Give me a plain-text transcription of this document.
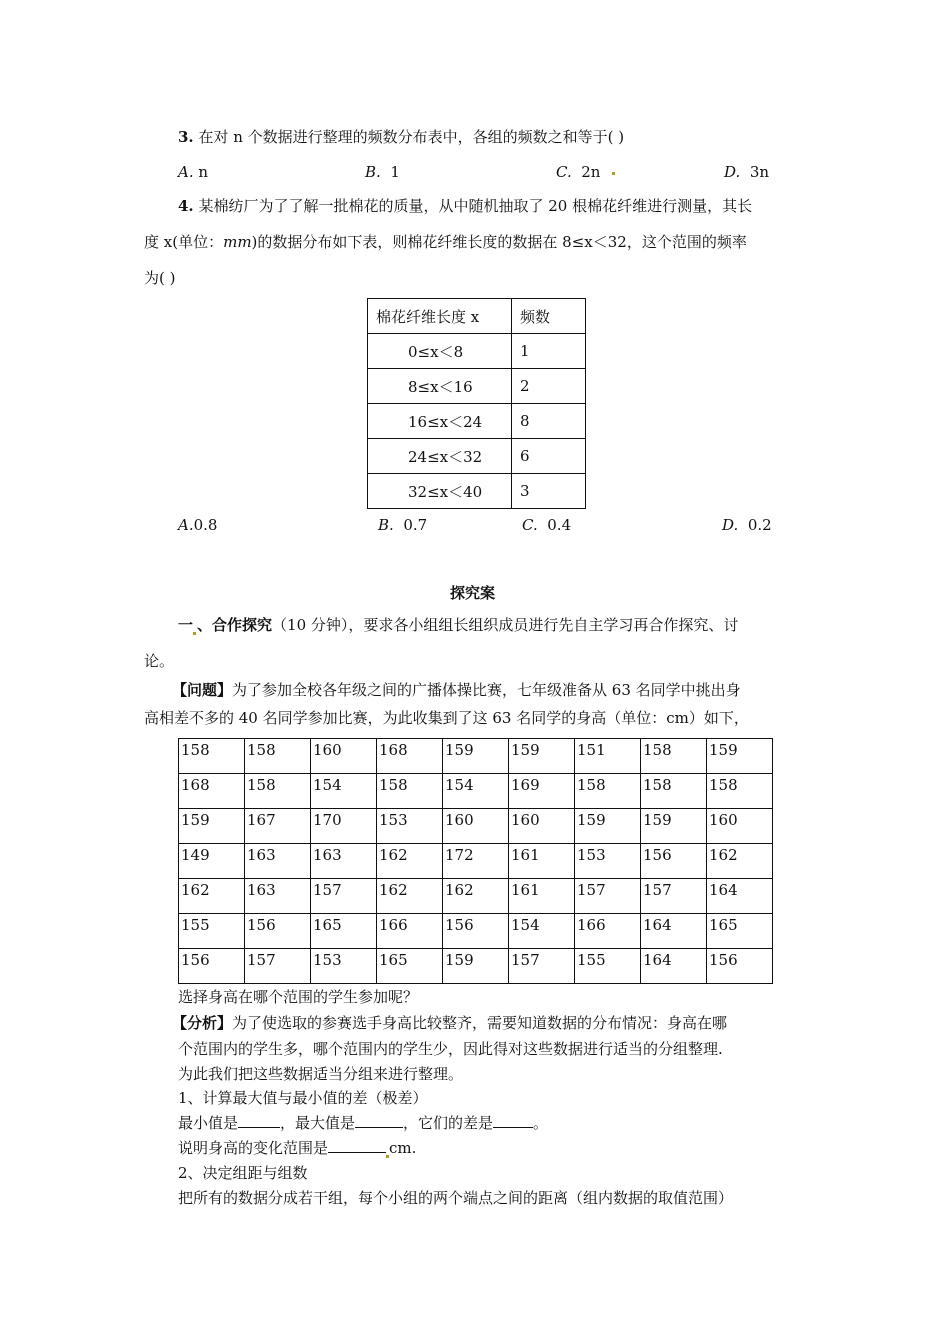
3. 在对 n 个数据进行整理的频数分布表中，各组的频数之和等于( )
A. n	B. 1	C. 2n	D. 3n
4. 某棉纺厂为了了解一批棉花的质量，从中随机抽取了 20 根棉花纤维进行测量，其长
度 x(单位：mm)的数据分布如下表，则棉花纤维长度的数据在 8≤x＜32，这个范围的频率
为( )
棉花纤维长度 x	频数
0≤x＜8	1
8≤x＜16	2
16≤x＜24	8
24≤x＜32	6
32≤x＜40	3
A.0.8	B. 0.7	C. 0.4	D. 0.2
探究案
一 、合作探究（10 分钟），要求各小组组长组织成员进行先自主学习再合作探究、讨
论。
【问题】为了参加全校各年级之间的广播体操比赛，七年级准备从 63 名同学中挑出身
高相差不多的 40 名同学参加比赛，为此收集到了这 63 名同学的身高（单位：cm）如下，
158	158	160	168	159	159	151	158	159
168	158	154	158	154	169	158	158	158
159	167	170	153	160	160	159	159	160
149	163	163	162	172	161	153	156	162
162	163	157	162	162	161	157	157	164
155	156	165	166	156	154	166	164	165
156	157	153	165	159	157	155	164	156
选择身高在哪个范围的学生参加呢？
【分析】为了使选取的参赛选手身高比较整齐，需要知道数据的分布情况：身高在哪
个范围内的学生多，哪个范围内的学生少，因此得对这些数据进行适当的分组整理.
为此我们把这些数据适当分组来进行整理。
1、计算最大值与最小值的差（极差）
最小值是	，最大值是	，它们的差是	。
说明身高的变化范围是	cm.
2、决定组距与组数
把所有的数据分成若干组，每个小组的两个端点之间的距离（组内数据的取值范围）
